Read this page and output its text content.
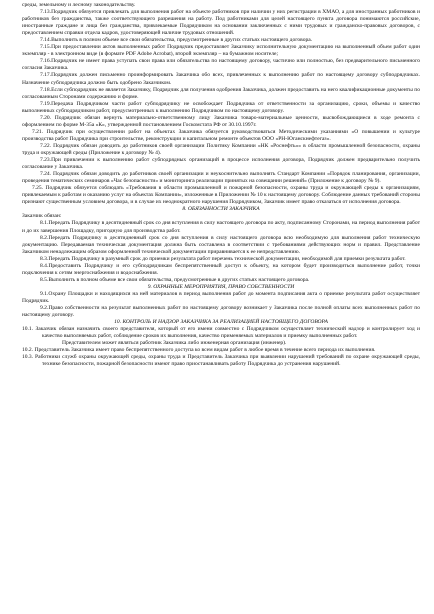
среды, земельному и лесному законодательству.

7.13.Подрядчик обязуется привлекать для выполнения работ на объекте работников при наличии у них регистрации в ХМАО, а для иностранных работников и работников без гражданства, также соответствующего разрешения на работу. Под работниками для целей настоящего пункта договора понимаются российские, иностранные граждане и лица без гражданства, привлекаемые Подрядчиком на основании заключенных с ними трудовых и гражданско-правовых договоров, с предоставлением справки отдела кадров, удостоверяющей наличие трудовых отношений.

7.14.Выполнить в полном объеме все свои обязательства, предусмотренные в других статьях настоящего договора.

7.15.При предоставлении актов выполненных работ Подрядчик предоставляет Заказчику исполнительную документацию на выполненный объем работ один экземпляр - в электронном виде (в формате PDF Adobe Acrobat), второй экземпляр – на бумажном носителе;

7.16.Подрядчик не имеет права уступать свои права или обязательства по настоящему договору, частично или полностью, без предварительного письменного согласия Заказчика.

7.17.Подрядчик должен письменно проинформировать Заказчика обо всех, привлеченных к выполнению работ по настоящему договору субподрядчиках. Назначение субподрядчика должно быть одобрено Заказчиком.

7.18.Если субподрядчик не является Заказчику, Подрядчик для получения одобрения Заказчика, должен предоставить на него квалификационные документы по согласованным Сторонами содержанию и форме.

7.19.Передача Подрядчиком части работ субподрядчику не освобождает Подрядчика от ответственности за организацию, сроки, объемы и качество выполненных субподрядчиком работ, предусмотренных к выполнению Подрядчиком по настоящему договору.

7.20. Подрядчик обязан вернуть материально-ответственному лицу Заказчика товаро-материальные ценности, высвобождающиеся в ходе ремонта с оформлением по форме М-35а «К», утвержденной постановлением Госкомстата РФ от 30.10.1997г.

7.21. Подрядчик при осуществлении работ на объектах Заказчика обязуется руководствоваться Методическими указаниями «О повышении и культуре производства работ Подрядчика при строительстве, реконструкции и капитальном ремонте объектов ООО «РН-Юганскнефтегаз».

7.22. Подрядчик обязан доводить до работников своей организации Политику Компании «НК «Роснефть»» в области промышленной безопасности, охраны труда и окружающей среды (Приложение к договору № 4).

7.23.При привлечении к выполнению работ субподрядных организаций в процессе исполнения договора, Подрядчик должен предварительно получить согласование у Заказчика.

7.24. Подрядчик обязан доводить до работников своей организации и неукоснительно выполнять Стандарт Компании «Порядок планирования, организации, проведения тематических семинаров «Час безопасности» и мониторинга реализации принятых на совещании решений» (Приложение к договору № 9).

7.25. Подрядчик обязуется соблюдать «Требования в области промышленной и пожарной безопасности, охраны труда и окружающей среды к организациям, привлекаемым к работам и оказанию услуг на объектах Компании», изложенные в Приложении № 10 к настоящему договору. Соблюдение данных требований стороны признают существенным условием договора, и в случае их неоднократного нарушения Подрядчиком, Заказчик имеет право отказаться от исполнения договора.

8. ОБЯЗАННОСТИ ЗАКАЗЧИКА

Заказчик обязан:

8.1.Передать Подрядчику в десятидневный срок со дня вступления в силу настоящего договора по акту, подписанному Сторонами, на период выполнения работ и до их завершения Площадку, пригодную для производства работ.

8.2.Передать Подрядчику в десятидневный срок со дня вступления в силу настоящего договора всю необходимую для выполнения работ техническую документацию. Передаваемая техническая документация должна быть составлена в соответствии с требованиями действующих норм и правил. Представление Заказчиком ненадлежащим образом оформленной технической документации приравнивается к ее непредставлению.

8.3.Передать Подрядчику в разумный срок до приемки результата работ перечень технической документации, необходимой для приемки результата работ.

8.4.Предоставить Подрядчику и его субподрядчикам беспрепятственный доступ к объекту, на котором будет производиться выполнение работ, точки подключения к сетям энергоснабжения и водоснабжения.

8.5.Выполнить в полном объеме все свои обязательства, предусмотренные в других статьях настоящего договора.

9. ОХРАННЫЕ МЕРОПРИЯТИЯ, ПРАВО СОБСТВЕННОСТИ

9.1.Охрану Площадки и находящихся на ней материалов в период выполнения работ до момента подписания акта о приемке результата работ осуществляет Подрядчик.

9.2.Право собственности на результат выполненных работ по настоящему договору возникает у Заказчика после полной оплаты всех выполненных работ по настоящему договору.

10. КОНТРОЛЬ И НАДЗОР ЗАКАЗЧИКА ЗА РЕАЛИЗАЦИЕЙ НАСТОЯЩЕГО ДОГОВОРА

10.1. Заказчик обязан назначить своего представителя, который от его имени совместно с Подрядчиком осуществляет технический надзор и контролирует ход и качество выполняемых работ, соблюдение сроков их выполнения, качество применяемых материалов и приемку выполненных работ.

Представителем может являться работник Заказчика либо инженерная организация (инженер).

10.2. Представитель Заказчика имеет право беспрепятственного доступа ко всем видам работ в любое время в течение всего периода их выполнения.

10.3. Работники служб охраны окружающей среды, охраны труда и Представитель Заказчика при выявлении нарушений требований по охране окружающей среды, технике безопасности, пожарной безопасности имеют право приостанавливать работу Подрядчика до устранения нарушений.
